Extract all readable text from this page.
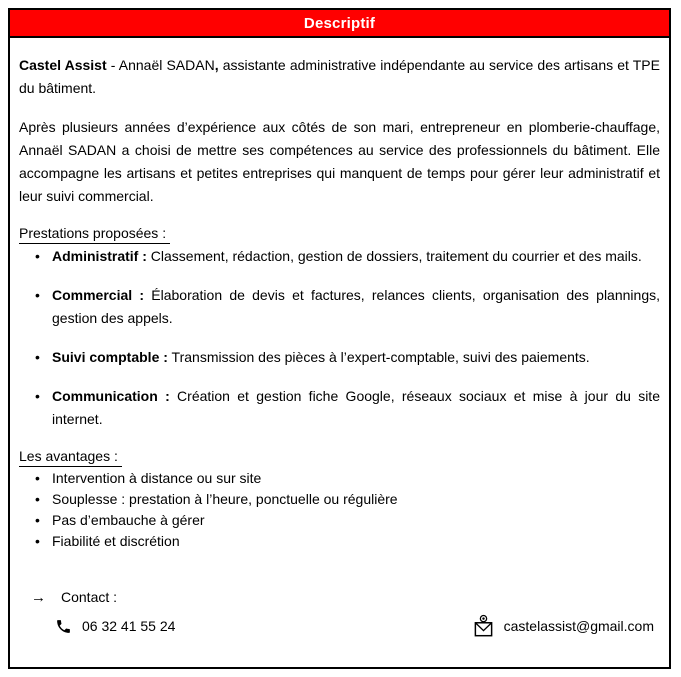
Descriptif

Castel Assist - Annaël SADAN, assistante administrative indépendante au service des artisans et TPE du bâtiment.

Après plusieurs années d’expérience aux côtés de son mari, entrepreneur en plomberie-chauffage, Annaël SADAN a choisi de mettre ses compétences au service des professionnels du bâtiment. Elle accompagne les artisans et petites entreprises qui manquent de temps pour gérer leur administratif et leur suivi commercial.

Prestations proposées :
• Administratif : Classement, rédaction, gestion de dossiers, traitement du courrier et des mails.
• Commercial : Élaboration de devis et factures, relances clients, organisation des plannings, gestion des appels.
• Suivi comptable : Transmission des pièces à l’expert-comptable, suivi des paiements.
• Communication : Création et gestion fiche Google, réseaux sociaux et mise à jour du site internet.
Les avantages :
• Intervention à distance ou sur site
• Souplesse : prestation à l’heure, ponctuelle ou régulière
• Pas d’embauche à gérer
• Fiabilité et discrétion
→	Contact :
06 32 41 55 24	castelassist@gmail.com
